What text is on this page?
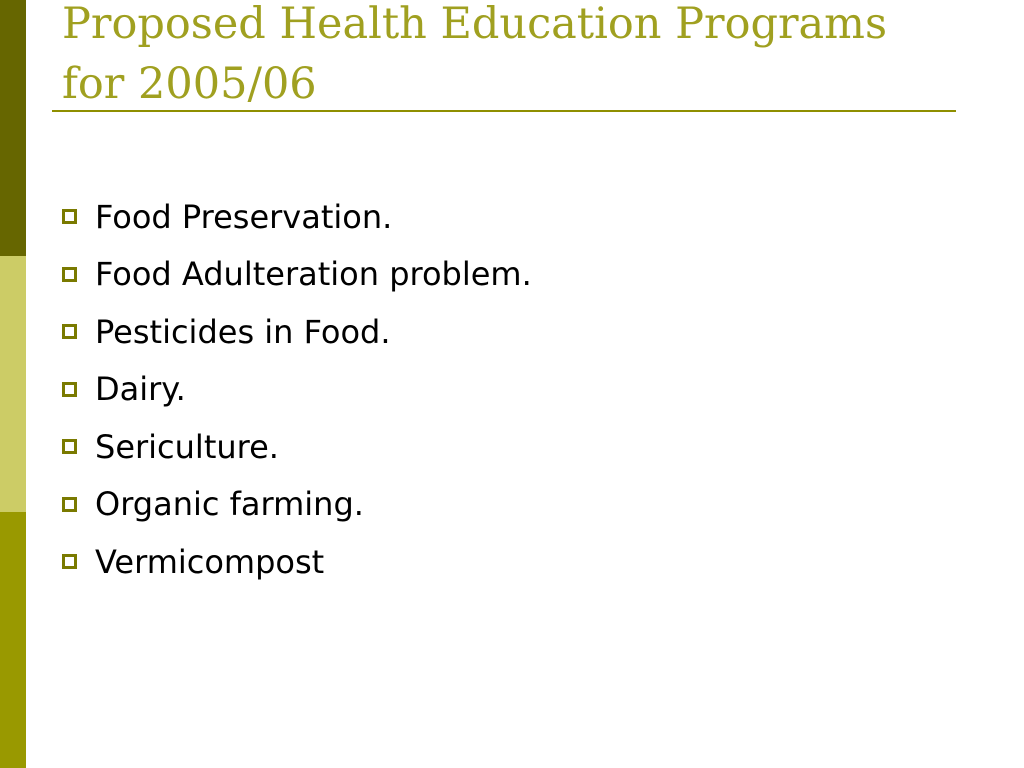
Proposed Health Education Programs
for 2005/06
Food Preservation.
Food Adulteration problem.
Pesticides in Food.
Dairy.
Sericulture.
Organic farming.
Vermicompost
